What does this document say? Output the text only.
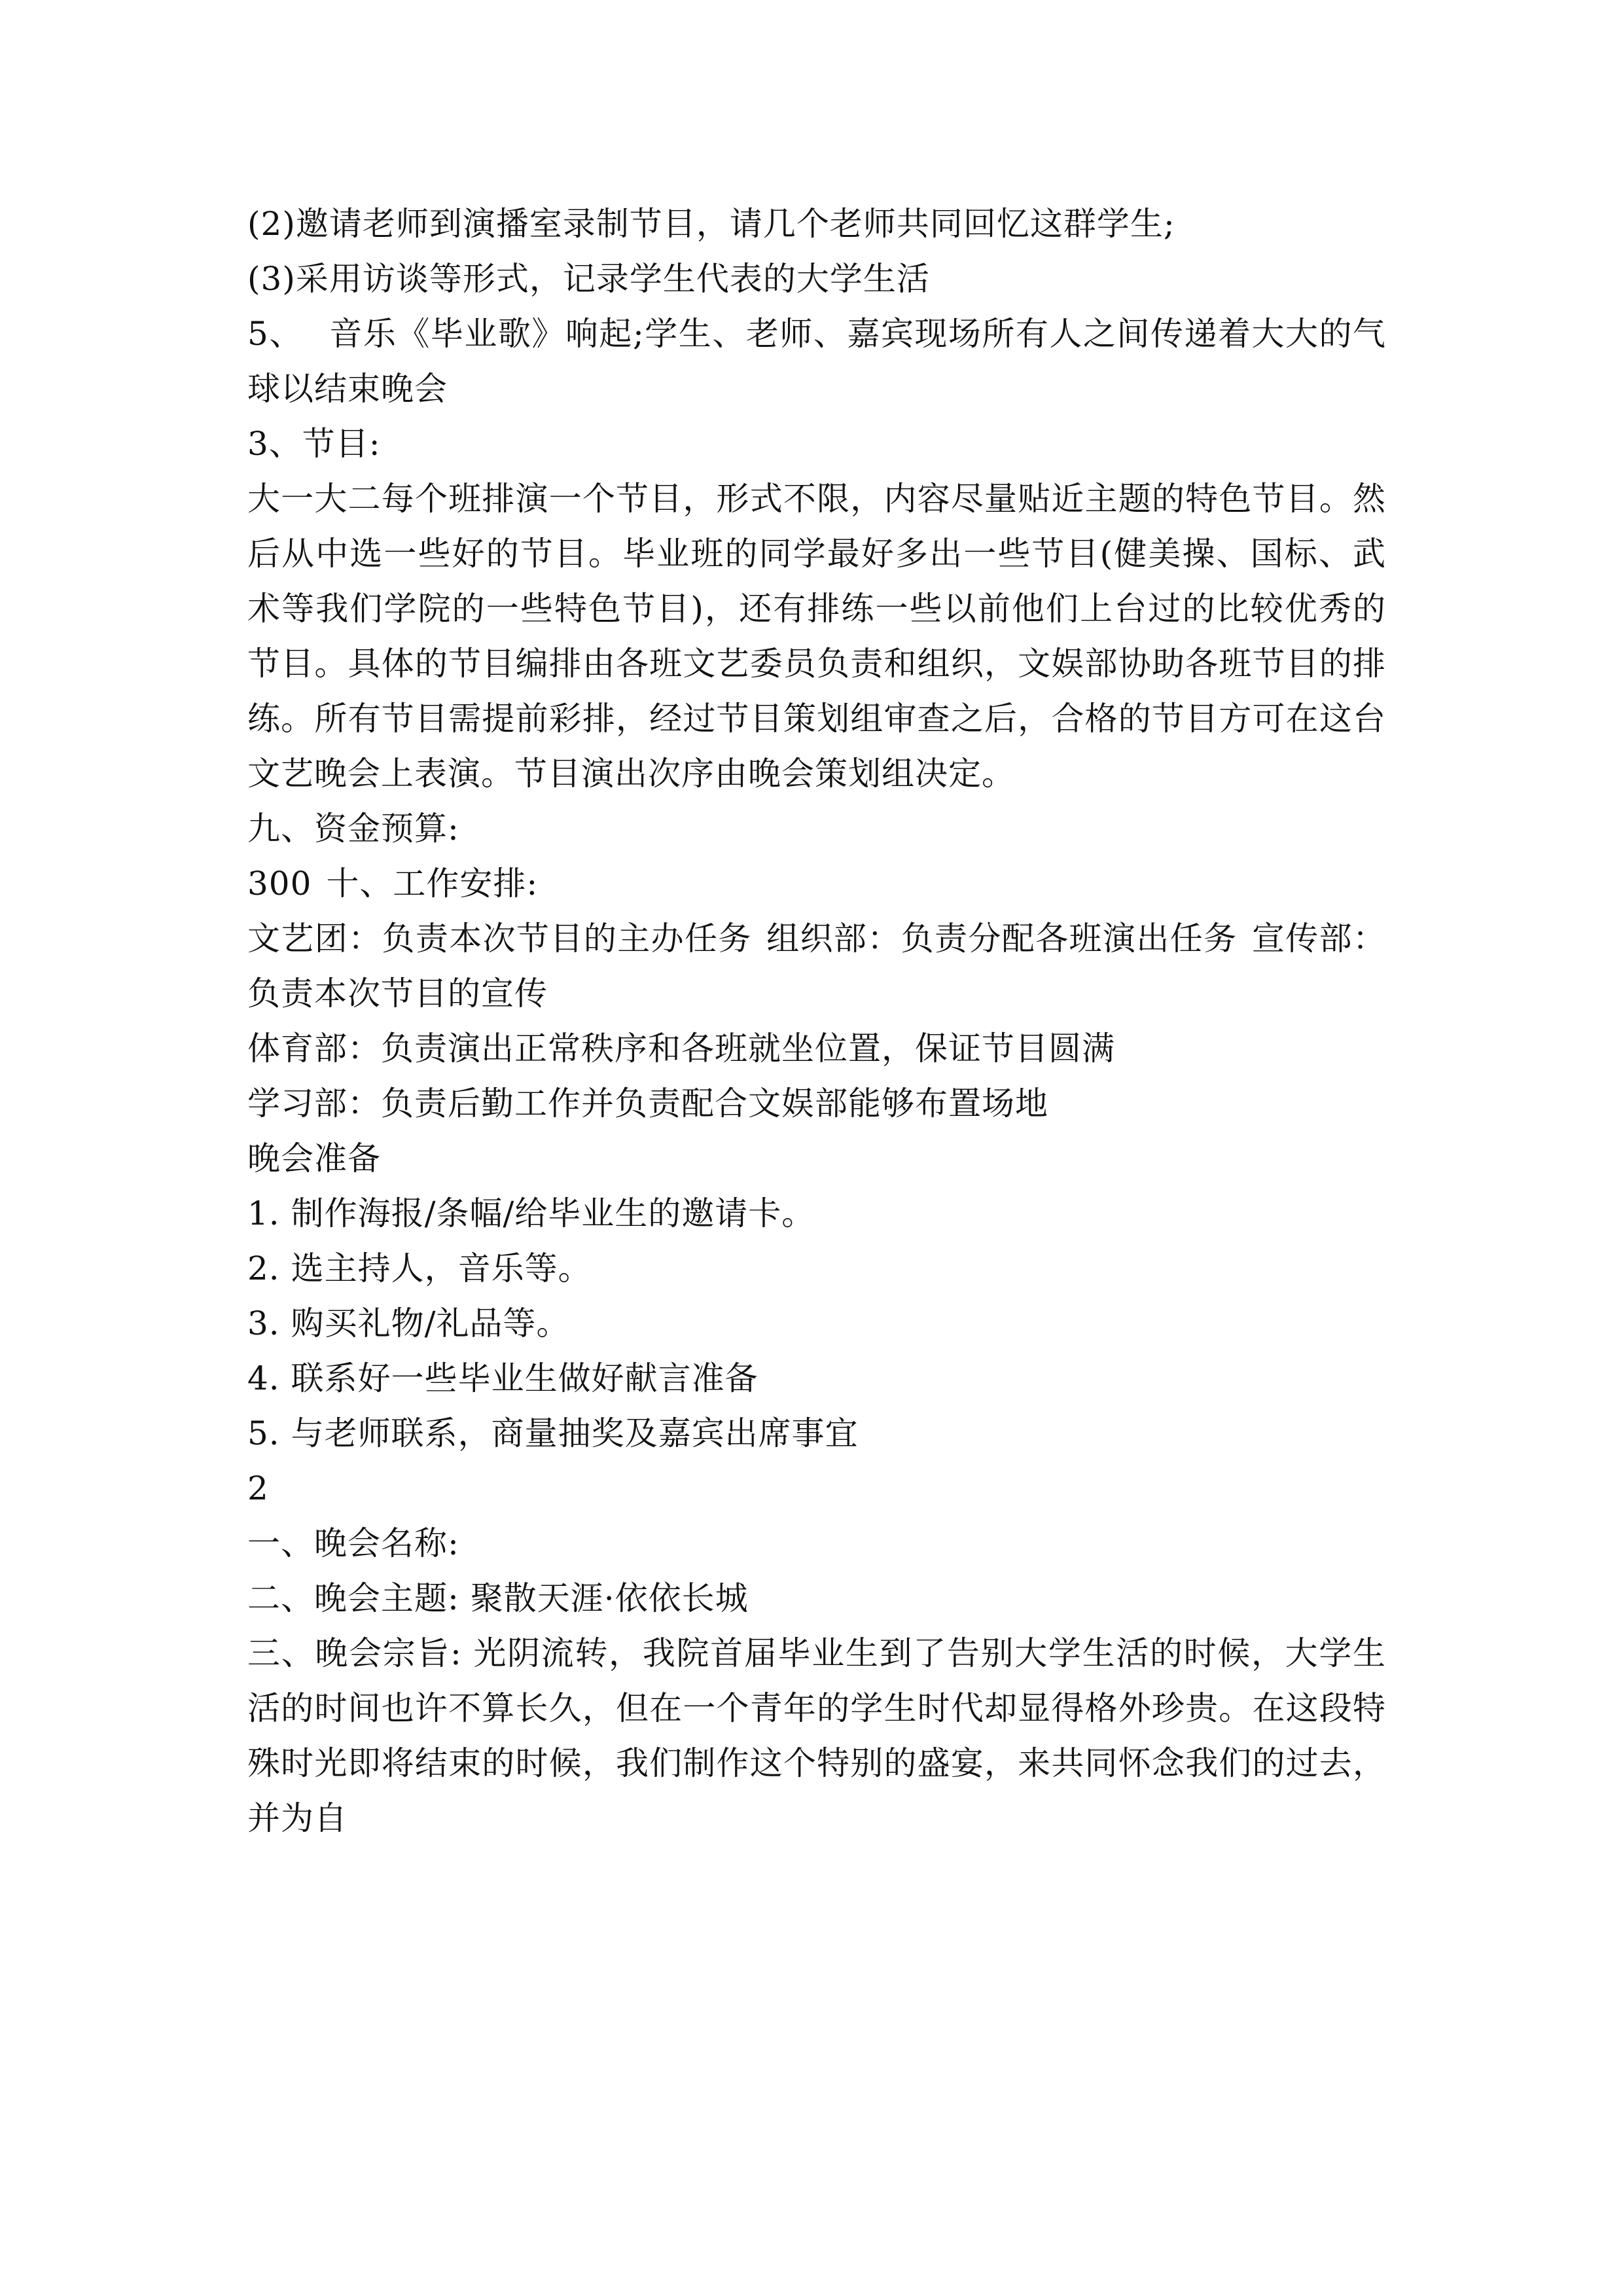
(2)邀请老师到演播室录制节目，请几个老师共同回忆这群学生;
(3)采用访谈等形式，记录学生代表的大学生活
5、 音乐《毕业歌》响起;学生、老师、嘉宾现场所有人之间传递着大大的气球以结束晚会
3、节目:
大一大二每个班排演一个节目，形式不限，内容尽量贴近主题的特色节目。然后从中选一些好的节目。毕业班的同学最好多出一些节目(健美操、国标、武术等我们学院的一些特色节目)，还有排练一些以前他们上台过的比较优秀的节目。具体的节目编排由各班文艺委员负责和组织，文娱部协助各班节目的排练。所有节目需提前彩排，经过节目策划组审查之后，合格的节目方可在这台文艺晚会上表演。节目演出次序由晚会策划组决定。
九、资金预算:
300 十、工作安排:
文艺团：负责本次节目的主办任务 组织部：负责分配各班演出任务 宣传部：负责本次节目的宣传
体育部：负责演出正常秩序和各班就坐位置，保证节目圆满
学习部：负责后勤工作并负责配合文娱部能够布置场地
晚会准备
1. 制作海报/条幅/给毕业生的邀请卡。
2. 选主持人，音乐等。
3. 购买礼物/礼品等。
4. 联系好一些毕业生做好献言准备
5. 与老师联系，商量抽奖及嘉宾出席事宜
2
一、晚会名称:
二、晚会主题: 聚散天涯·依依长城
三、晚会宗旨: 光阴流转，我院首届毕业生到了告别大学生活的时候，大学生活的时间也许不算长久，但在一个青年的学生时代却显得格外珍贵。在这段特殊时光即将结束的时候，我们制作这个特别的盛宴，来共同怀念我们的过去，并为自
